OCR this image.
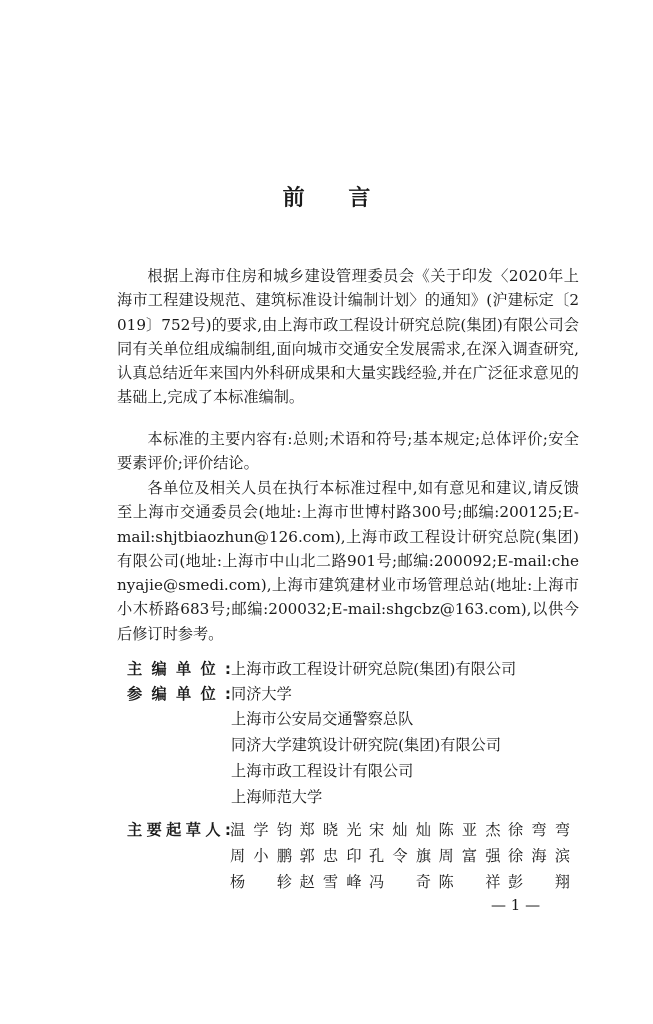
前 言

根据上海市住房和城乡建设管理委员会《关于印发〈2020年上海市工程建设规范、建筑标准设计编制计划〉的通知》(沪建标定〔2019〕752号)的要求,由上海市政工程设计研究总院(集团)有限公司会同有关单位组成编制组,面向城市交通安全发展需求,在深入调查研究,认真总结近年来国内外科研成果和大量实践经验,并在广泛征求意见的基础上,完成了本标准编制。

本标准的主要内容有:总则;术语和符号;基本规定;总体评价;安全要素评价;评价结论。

各单位及相关人员在执行本标准过程中,如有意见和建议,请反馈至上海市交通委员会(地址:上海市世博村路300号;邮编:200125;E-mail:shjtbiaozhun@126.com),上海市政工程设计研究总院(集团)有限公司(地址:上海市中山北二路901号;邮编:200092;E-mail:chenyajie@smedi.com),上海市建筑建材业市场管理总站(地址:上海市小木桥路683号;邮编:200032;E-mail:shgcbz@163.com),以供今后修订时参考。

主编单位: 上海市政工程设计研究总院(集团)有限公司
参编单位: 同济大学
上海市公安局交通警察总队
同济大学建筑设计研究院(集团)有限公司
上海市政工程设计有限公司
上海师范大学
主要起草人: 温学钧 郑晓光 宋灿灿 陈亚杰 徐弯弯
周小鹏 郭忠印 孔令旗 周富强 徐海滨
杨 轸 赵雪峰 冯 奇 陈 祥 彭 翔
— 1 —
